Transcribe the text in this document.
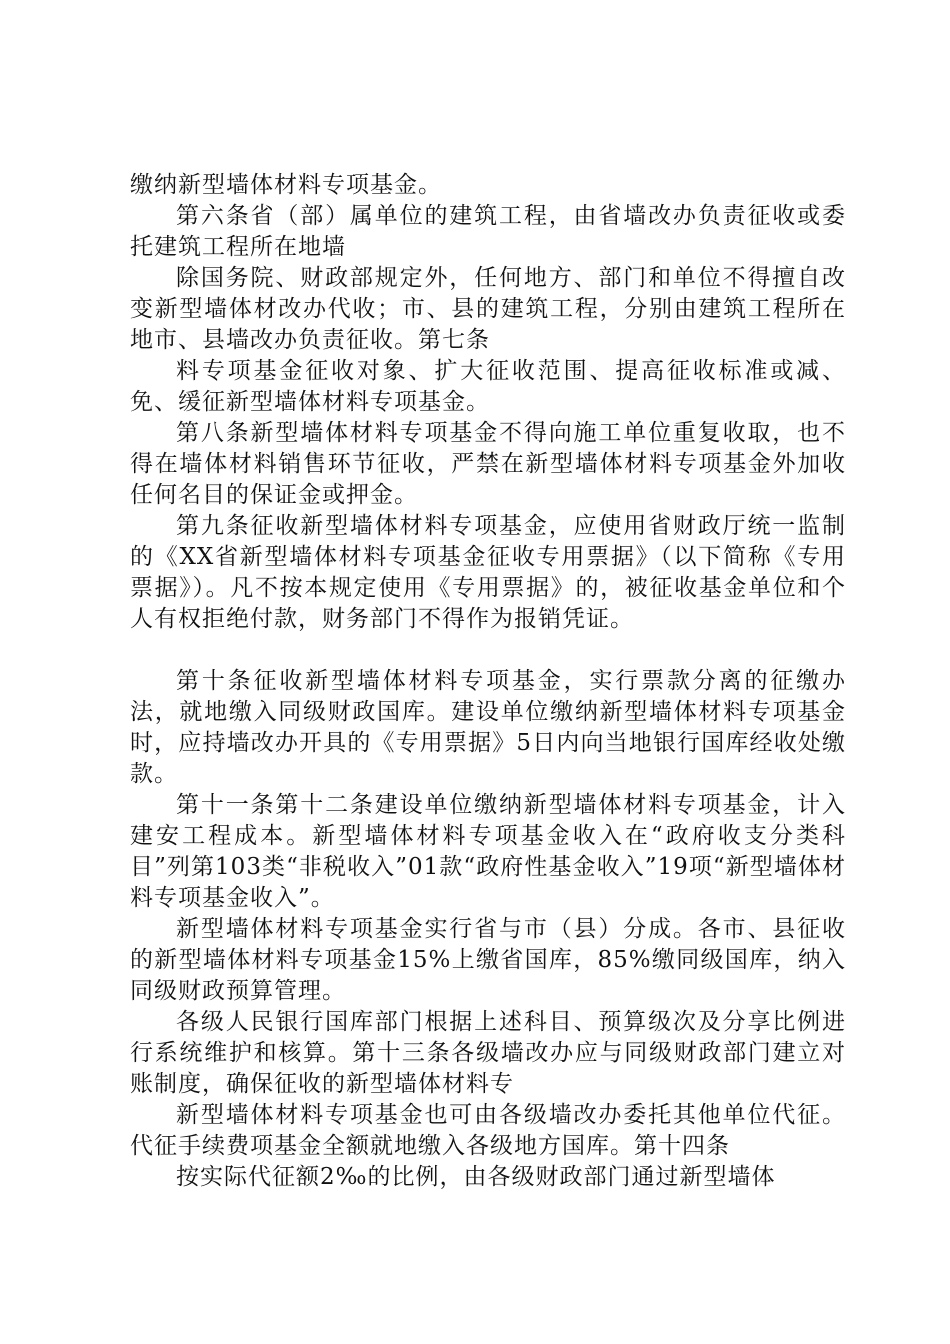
缴纳新型墙体材料专项基金。

第六条省（部）属单位的建筑工程，由省墙改办负责征收或委托建筑工程所在地墙

除国务院、财政部规定外，任何地方、部门和单位不得擅自改变新型墙体材改办代收；市、县的建筑工程，分别由建筑工程所在地市、县墙改办负责征收。第七条

料专项基金征收对象、扩大征收范围、提高征收标准或减、免、缓征新型墙体材料专项基金。

第八条新型墙体材料专项基金不得向施工单位重复收取，也不得在墙体材料销售环节征收，严禁在新型墙体材料专项基金外加收任何名目的保证金或押金。

第九条征收新型墙体材料专项基金，应使用省财政厅统一监制的《XX省新型墙体材料专项基金征收专用票据》（以下简称《专用票据》）。凡不按本规定使用《专用票据》的，被征收基金单位和个人有权拒绝付款，财务部门不得作为报销凭证。

第十条征收新型墙体材料专项基金，实行票款分离的征缴办法，就地缴入同级财政国库。建设单位缴纳新型墙体材料专项基金时，应持墙改办开具的《专用票据》5日内向当地银行国库经收处缴款。

第十一条第十二条建设单位缴纳新型墙体材料专项基金，计入建安工程成本。新型墙体材料专项基金收入在“政府收支分类科目”列第103类“非税收入”01款“政府性基金收入”19项“新型墙体材料专项基金收入”。

新型墙体材料专项基金实行省与市（县）分成。各市、县征收的新型墙体材料专项基金15%上缴省国库，85%缴同级国库，纳入同级财政预算管理。

各级人民银行国库部门根据上述科目、预算级次及分享比例进行系统维护和核算。第十三条各级墙改办应与同级财政部门建立对账制度，确保征收的新型墙体材料专

新型墙体材料专项基金也可由各级墙改办委托其他单位代征。代征手续费项基金全额就地缴入各级地方国库。第十四条

按实际代征额2‰的比例，由各级财政部门通过新型墙体
